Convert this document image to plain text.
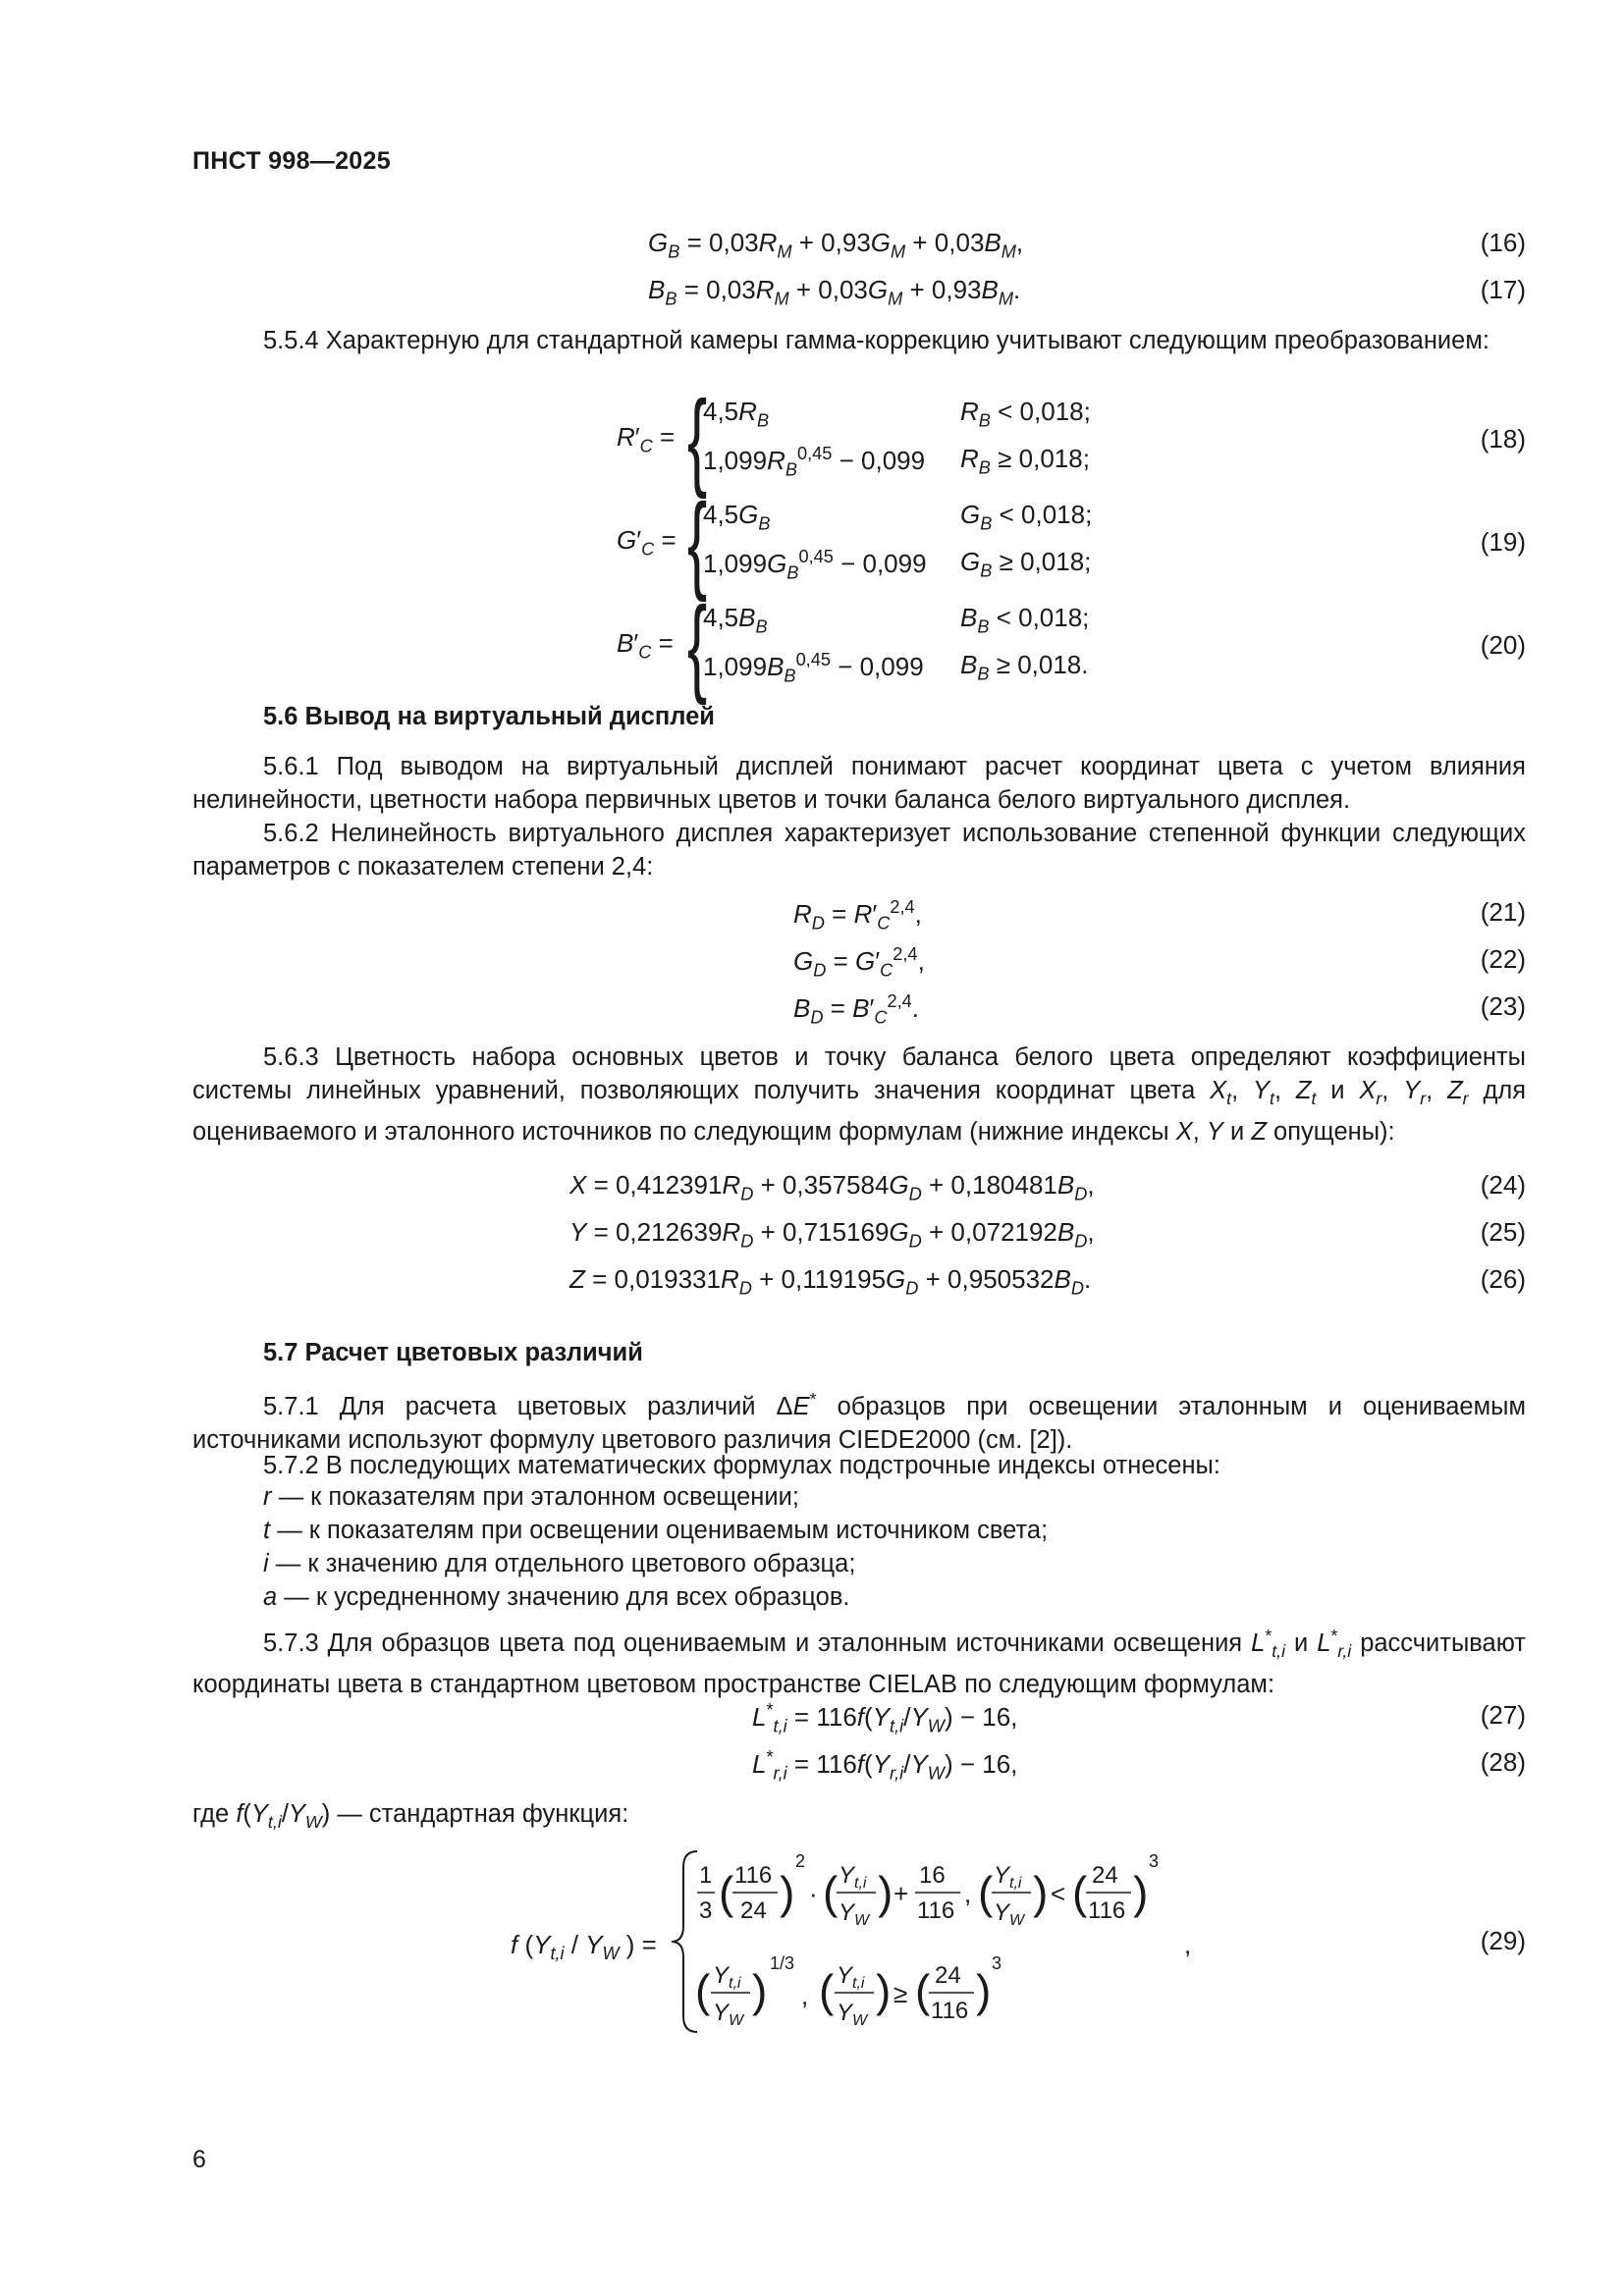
ПНСТ 998—2025
$G_B = 0,03R_M + 0,93G_M + 0,03B_M$,	(16)
$B_B = 0,03R_M + 0,03G_M + 0,93B_M$.	(17)
5.5.4 Характерную для стандартной камеры гамма-коррекцию учитывают следующим преобразованием:
$R'_C$ = {
$4,5R_B$	$R_B < 0,018$;
$1,099R_B^{0,45} - 0,099$ $R_B \ge 0,018$;
(18)
$G'_C$ = {
$4,5G_B$	$G_B < 0,018$;
$1,099G_B^{0,45} - 0,099$ $G_B \ge 0,018$;
(19)
$B'_C$ = {
$4,5B_B$	$B_B < 0,018$;
$1,099B_B^{0,45} - 0,099$ $B_B \ge 0,018$.
(20)
5.6 Вывод на виртуальный дисплей
5.6.1 Под выводом на виртуальный дисплей понимают расчет координат цвета с учетом влияния нелинейности, цветности набора первичных цветов и точки баланса белого виртуального дисплея.
5.6.2 Нелинейность виртуального дисплея характеризует использование степенной функции следующих параметров с показателем степени 2,4:
$R_D = R'_C^{2,4}$,	(21)
$G_D = G'_C^{2,4}$,	(22)
$B_D = B'_C^{2,4}$.	(23)
5.6.3 Цветность набора основных цветов и точку баланса белого цвета определяют коэффициенты системы линейных уравнений, позволяющих получить значения координат цвета $X_t$, $Y_t$, $Z_t$ и $X_r$, $Y_r$, $Z_r$ для оцениваемого и эталонного источников по следующим формулам (нижние индексы X, Y и Z опущены):
$X = 0,412391R_D + 0,357584G_D + 0,180481B_D$,	(24)
$Y = 0,212639R_D + 0,715169G_D + 0,072192B_D$,	(25)
$Z = 0,019331R_D + 0,119195G_D + 0,950532B_D$.	(26)
5.7 Расчет цветовых различий
5.7.1 Для расчета цветовых различий ΔE* образцов при освещении эталонным и оцениваемым источниками используют формулу цветового различия CIEDE2000 (см. [2]).
5.7.2 В последующих математических формулах подстрочные индексы отнесены:
r — к показателям при эталонном освещении;
t — к показателям при освещении оцениваемым источником света;
i — к значению для отдельного цветового образца;
a — к усредненному значению для всех образцов.
5.7.3 Для образцов цвета под оцениваемым и эталонным источниками освещения $L^*_{t,i}$ и $L^*_{r,i}$ рассчитывают координаты цвета в стандартном цветовом пространстве CIELAB по следующим формулам:
$L^*_{t,i} = 116f(Y_{t,i}/Y_W) - 16$,	(27)
$L^*_{r,i} = 116f(Y_{r,i}/Y_W) - 16$,	(28)
где $f(Y_{t,i}/Y_W)$ — стандартная функция:
f ($Y_{t,i} / Y_W$ ) =
1
3 ( 116
24 )
2
· ( $Y_{t,i}$
$Y_W$
) +
16
116
, ( $Y_{t,i}$
$Y_W$
) < ( 24
116 )
3
,
( $Y_{t,i}$
$Y_W$
)
1/3
, ( $Y_{t,i}$
$Y_W$
) ≥ ( 24
116 )
3
(29)
6
